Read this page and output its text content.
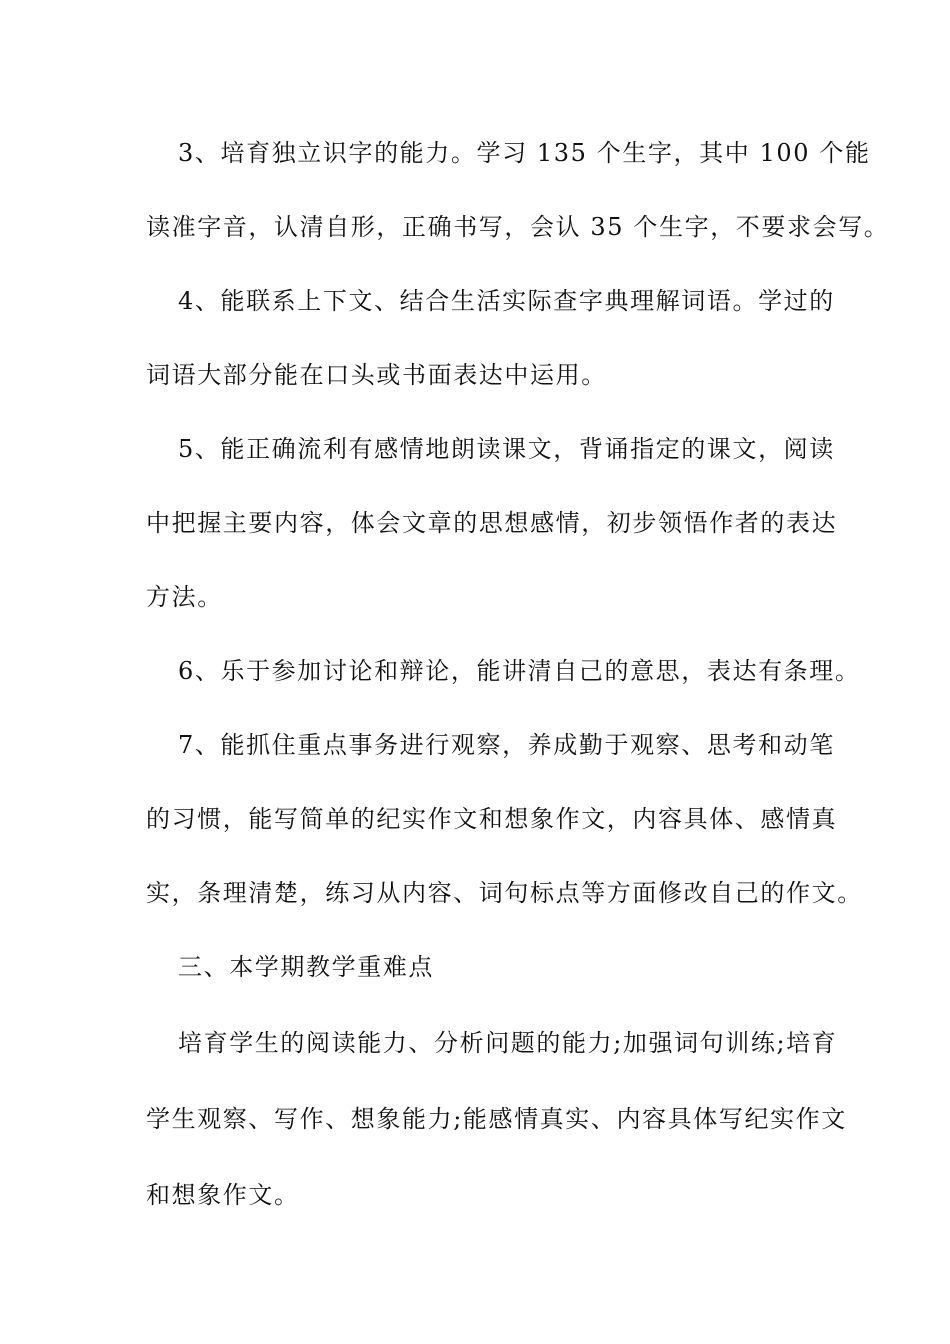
3、培育独立识字的能力。学习 135 个生字，其中 100 个能
读准字音，认清自形，正确书写，会认 35 个生字，不要求会写。
4、能联系上下文、结合生活实际查字典理解词语。学过的
词语大部分能在口头或书面表达中运用。
5、能正确流利有感情地朗读课文，背诵指定的课文，阅读
中把握主要内容，体会文章的思想感情，初步领悟作者的表达
方法。
6、乐于参加讨论和辩论，能讲清自己的意思，表达有条理。
7、能抓住重点事务进行观察，养成勤于观察、思考和动笔
的习惯，能写简单的纪实作文和想象作文，内容具体、感情真
实，条理清楚，练习从内容、词句标点等方面修改自己的作文。
三、本学期教学重难点
培育学生的阅读能力、分析问题的能力;加强词句训练;培育
学生观察、写作、想象能力;能感情真实、内容具体写纪实作文
和想象作文。
